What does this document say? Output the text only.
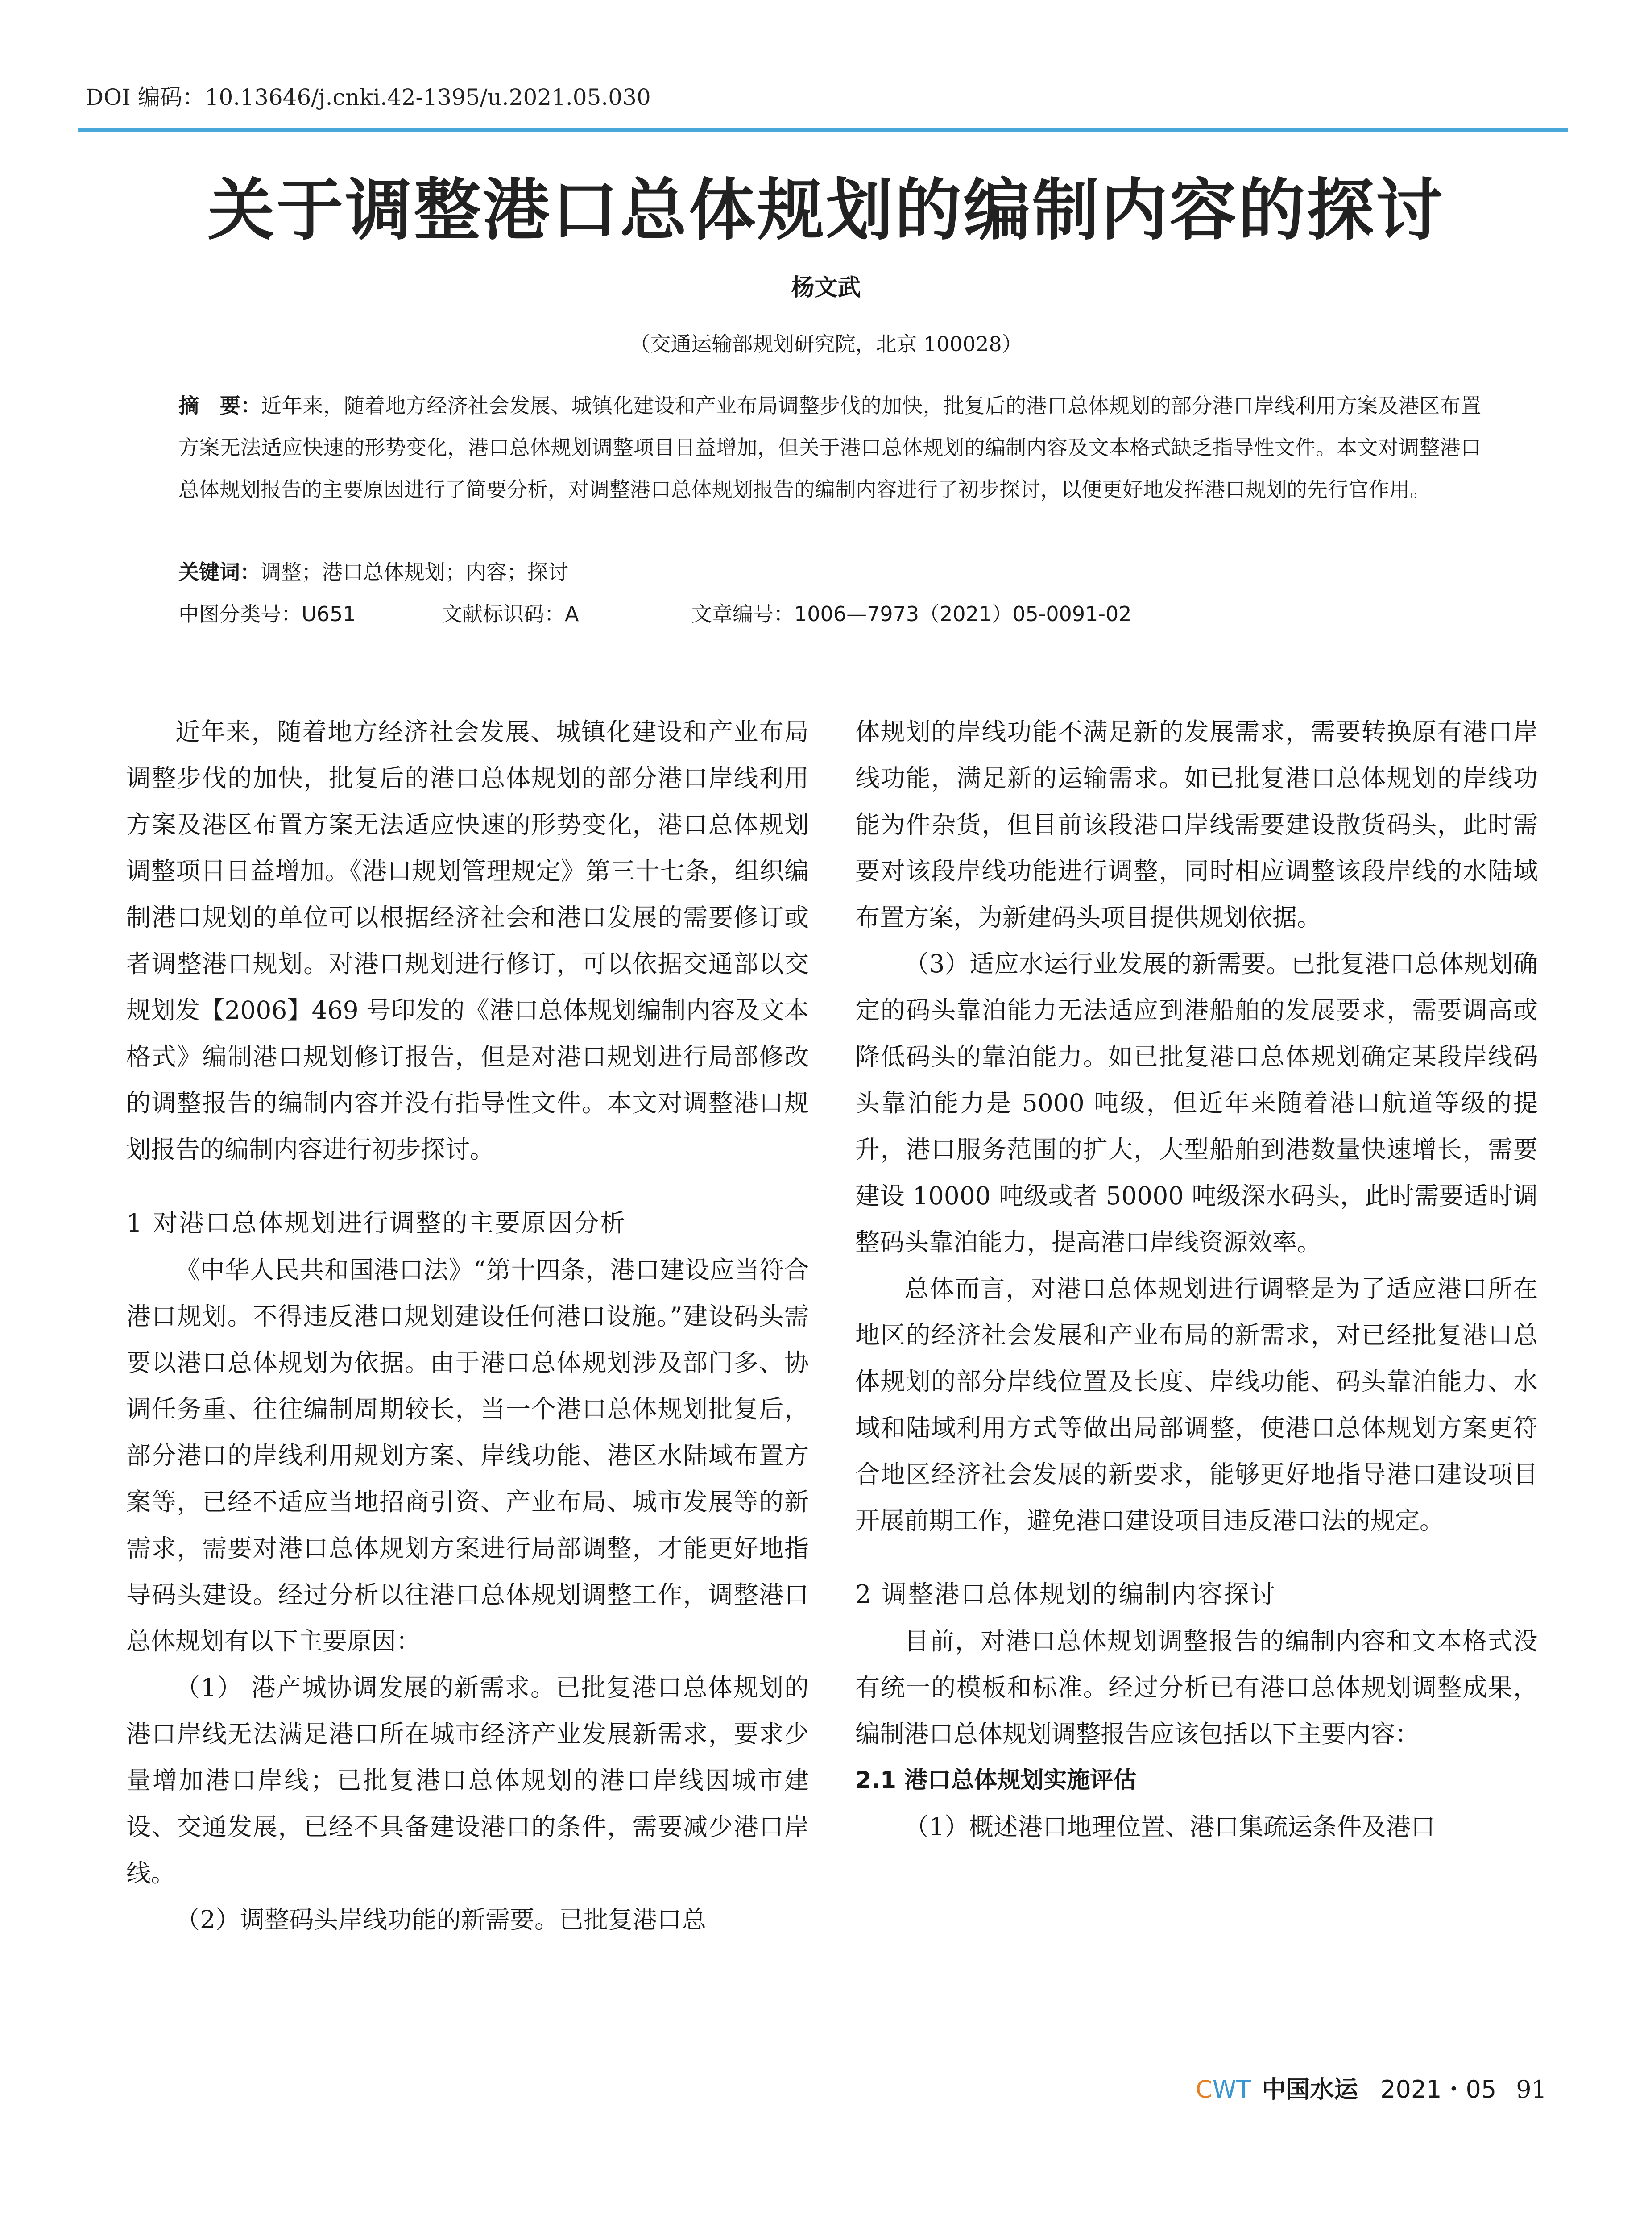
DOI 编码：10.13646/j.cnki.42-1395/u.2021.05.030
关于调整港口总体规划的编制内容的探讨
杨文武
（交通运输部规划研究院，北京 100028）
摘　要：近年来，随着地方经济社会发展、城镇化建设和产业布局调整步伐的加快，批复后的港口总体规划的部分港口岸线利用方案及港区布置方案无法适应快速的形势变化，港口总体规划调整项目日益增加，但关于港口总体规划的编制内容及文本格式缺乏指导性文件。本文对调整港口总体规划报告的主要原因进行了简要分析，对调整港口总体规划报告的编制内容进行了初步探讨，以便更好地发挥港口规划的先行官作用。
关键词：调整；港口总体规划；内容；探讨
中图分类号：U651	文献标识码：A	文章编号：1006—7973（2021）05-0091-02

近年来，随着地方经济社会发展、城镇化建设和产业布局调整步伐的加快，批复后的港口总体规划的部分港口岸线利用方案及港区布置方案无法适应快速的形势变化，港口总体规划调整项目日益增加。《港口规划管理规定》第三十七条，组织编制港口规划的单位可以根据经济社会和港口发展的需要修订或者调整港口规划。对港口规划进行修订，可以依据交通部以交规划发【2006】469 号印发的《港口总体规划编制内容及文本格式》编制港口规划修订报告，但是对港口规划进行局部修改的调整报告的编制内容并没有指导性文件。本文对调整港口规划报告的编制内容进行初步探讨。

1 对港口总体规划进行调整的主要原因分析

《中华人民共和国港口法》“第十四条，港口建设应当符合港口规划。不得违反港口规划建设任何港口设施。”建设码头需要以港口总体规划为依据。由于港口总体规划涉及部门多、协调任务重、往往编制周期较长，当一个港口总体规划批复后，部分港口的岸线利用规划方案、岸线功能、港区水陆域布置方案等，已经不适应当地招商引资、产业布局、城市发展等的新需求，需要对港口总体规划方案进行局部调整，才能更好地指导码头建设。经过分析以往港口总体规划调整工作，调整港口总体规划有以下主要原因：

（1） 港产城协调发展的新需求。已批复港口总体规划的港口岸线无法满足港口所在城市经济产业发展新需求，要求少量增加港口岸线；已批复港口总体规划的港口岸线因城市建设、交通发展，已经不具备建设港口的条件，需要减少港口岸线。

（2）调整码头岸线功能的新需要。已批复港口总

体规划的岸线功能不满足新的发展需求，需要转换原有港口岸线功能，满足新的运输需求。如已批复港口总体规划的岸线功能为件杂货，但目前该段港口岸线需要建设散货码头，此时需要对该段岸线功能进行调整，同时相应调整该段岸线的水陆域布置方案，为新建码头项目提供规划依据。

（3）适应水运行业发展的新需要。已批复港口总体规划确定的码头靠泊能力无法适应到港船舶的发展要求，需要调高或降低码头的靠泊能力。如已批复港口总体规划确定某段岸线码头靠泊能力是 5000 吨级，但近年来随着港口航道等级的提升，港口服务范围的扩大，大型船舶到港数量快速增长，需要建设 10000 吨级或者 50000 吨级深水码头，此时需要适时调整码头靠泊能力，提高港口岸线资源效率。

总体而言，对港口总体规划进行调整是为了适应港口所在地区的经济社会发展和产业布局的新需求，对已经批复港口总体规划的部分岸线位置及长度、岸线功能、码头靠泊能力、水域和陆域利用方式等做出局部调整，使港口总体规划方案更符合地区经济社会发展的新要求，能够更好地指导港口建设项目开展前期工作，避免港口建设项目违反港口法的规定。

2 调整港口总体规划的编制内容探讨

目前，对港口总体规划调整报告的编制内容和文本格式没有统一的模板和标准。经过分析已有港口总体规划调整成果，编制港口总体规划调整报告应该包括以下主要内容：

2.1 港口总体规划实施评估

（1）概述港口地理位置、港口集疏运条件及港口

CWT 中国水运 2021・05 91
